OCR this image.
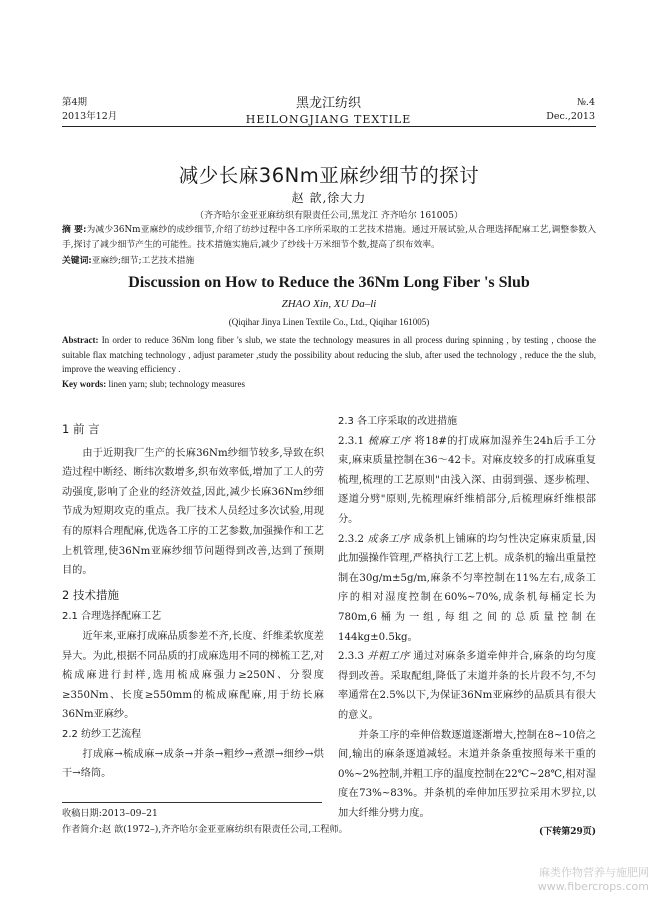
第4期
2013年12月
黑龙江纺织
HEILONGJIANG TEXTILE
№.4
Dec.,2013
减少长麻36Nm亚麻纱细节的探讨
赵 歆,徐大力
（齐齐哈尔金亚亚麻纺织有限责任公司,黑龙江 齐齐哈尔 161005）
摘 要:为减少36Nm亚麻纱的成纱细节,介绍了纺纱过程中各工序所采取的工艺技术措施。通过开展试验,从合理选择配麻工艺,调整参数入手,探讨了减少细节产生的可能性。技术措施实施后,减少了纱线十万米细节个数,提高了织布效率。
关键词:亚麻纱;细节;工艺技术措施
Discussion on How to Reduce the 36Nm Long Fiber 's Slub
ZHAO Xin, XU Da–li
(Qiqihar Jinya Linen Textile Co., Ltd., Qiqihar 161005)
Abstract: In order to reduce 36Nm long fiber 's slub, we state the technology measures in all process during spinning , by testing , choose the suitable flax matching technology , adjust parameter ,study the possibility about reducing the slub, after used the technology , reduce the the slub, improve the weaving efficiency .
Key words: linen yarn; slub; technology measures
1 前 言

由于近期我厂生产的长麻36Nm纱细节较多,导致在织造过程中断经、断纬次数增多,织布效率低,增加了工人的劳动强度,影响了企业的经济效益,因此,减少长麻36Nm纱细节成为短期攻克的重点。我厂技术人员经过多次试验,用现有的原料合理配麻,优选各工序的工艺参数,加强操作和工艺上机管理,使36Nm亚麻纱细节问题得到改善,达到了预期目的。

2 技术措施
2.1 合理选择配麻工艺

近年来,亚麻打成麻品质参差不齐,长度、纤维柔软度差异大。为此,根据不同品质的打成麻选用不同的梯梳工艺,对梳成麻进行封样,选用梳成麻强力≥250N、分裂度≥350Nm、长度≥550mm的梳成麻配麻,用于纺长麻36Nm亚麻纱。

2.2 纺纱工艺流程

打成麻→梳成麻→成条→并条→粗纱→煮漂→细纱→烘干→络筒。

2.3 各工序采取的改进措施

2.3.1 梳麻工序 将18#的打成麻加湿养生24h后手工分束,麻束质量控制在36～42卡。对麻皮较多的打成麻重复梳理,梳理的工艺原则"由浅入深、由弱到强、逐步梳理、逐道分劈"原则,先梳理麻纤维梢部分,后梳理麻纤维根部分。

2.3.2 成条工序 成条机上铺麻的均匀性决定麻束质量,因此加强操作管理,严格执行工艺上机。成条机的输出重量控制在30g/m±5g/m,麻条不匀率控制在11%左右,成条工序的相对湿度控制在60%~70%,成条机每桶定长为780m,6桶为一组,每组之间的总质量控制在144kg±0.5kg。

2.3.3 并粗工序 通过对麻条多道牵伸并合,麻条的均匀度得到改善。采取配组,降低了末道并条的长片段不匀,不匀率通常在2.5%以下,为保证36Nm亚麻纱的品质具有很大的意义。

并条工序的牵伸倍数逐道逐渐增大,控制在8~10倍之间,输出的麻条逐道减轻。末道并条条重按照每米干重的0%~2%控制,并粗工序的温度控制在22℃~28℃,相对湿度在73%~83%。并条机的牵伸加压罗拉采用木罗拉,以加大纤维分劈力度。

(下转第29页)
收稿日期:2013–09–21
作者简介:赵 歆(1972–),齐齐哈尔金亚亚麻纺织有限责任公司,工程师。
麻类作物营养与施肥网
www.fibercrops.com
